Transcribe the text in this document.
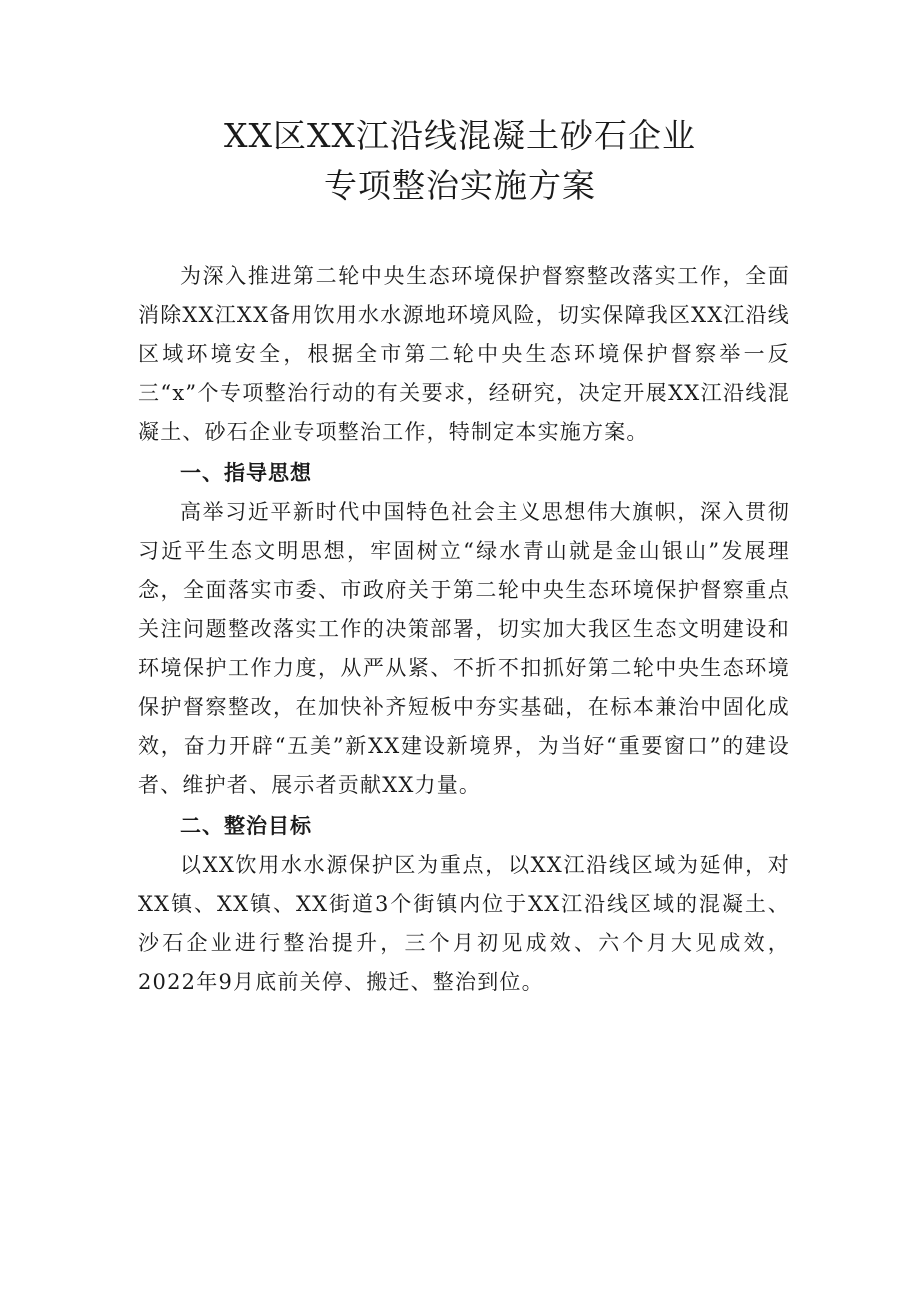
XX区XX江沿线混凝土砂石企业
专项整治实施方案

为深入推进第二轮中央生态环境保护督察整改落实工作，全面消除XX江XX备用饮用水水源地环境风险，切实保障我区XX江沿线区域环境安全，根据全市第二轮中央生态环境保护督察举一反三“x”个专项整治行动的有关要求，经研究，决定开展XX江沿线混凝土、砂石企业专项整治工作，特制定本实施方案。

一、指导思想

高举习近平新时代中国特色社会主义思想伟大旗帜，深入贯彻习近平生态文明思想，牢固树立“绿水青山就是金山银山”发展理念，全面落实市委、市政府关于第二轮中央生态环境保护督察重点关注问题整改落实工作的决策部署，切实加大我区生态文明建设和环境保护工作力度，从严从紧、不折不扣抓好第二轮中央生态环境保护督察整改，在加快补齐短板中夯实基础，在标本兼治中固化成效，奋力开辟“五美”新XX建设新境界，为当好“重要窗口”的建设者、维护者、展示者贡献XX力量。

二、整治目标

以XX饮用水水源保护区为重点，以XX江沿线区域为延伸，对XX镇、XX镇、XX街道3个街镇内位于XX江沿线区域的混凝土、沙石企业进行整治提升，三个月初见成效、六个月大见成效，2022年9月底前关停、搬迁、整治到位。
